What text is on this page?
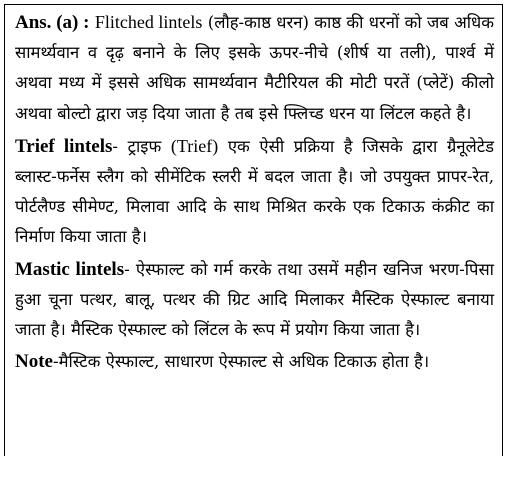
Ans. (a) : Flitched lintels (लौह-काष्ठ धरन) काष्ठ की धरनों को जब अधिक सामर्थ्यवान व दृढ़ बनाने के लिए इसके ऊपर-नीचे (शीर्ष या तली), पार्श्व में अथवा मध्य में इससे अधिक सामर्थ्यवान मैटीरियल की मोटी परतें (प्लेटें) कीलो अथवा बोल्टो द्वारा जड़ दिया जाता है तब इसे फ्लिच्ड धरन या लिंटल कहते है।

Trief lintels- ट्राइफ (Trief) एक ऐसी प्रक्रिया है जिसके द्वारा ग्रैनूलेटेड ब्लास्ट-फर्नेस स्लैग को सीमेंटिक स्लरी में बदल जाता है। जो उपयुक्त प्रापर-रेत, पोर्टलैण्ड सीमेण्ट, मिलावा आदि के साथ मिश्रित करके एक टिकाऊ कंक्रीट का निर्माण किया जाता है।

Mastic lintels- ऐस्फाल्ट को गर्म करके तथा उसमें महीन खनिज भरण-पिसा हुआ चूना पत्थर, बालू, पत्थर की ग्रिट आदि मिलाकर मैस्टिक ऐस्फाल्ट बनाया जाता है। मैस्टिक ऐस्फाल्ट को लिंटल के रूप में प्रयोग किया जाता है।

Note-मैस्टिक ऐस्फाल्ट, साधारण ऐस्फाल्ट से अधिक टिकाऊ होता है।
